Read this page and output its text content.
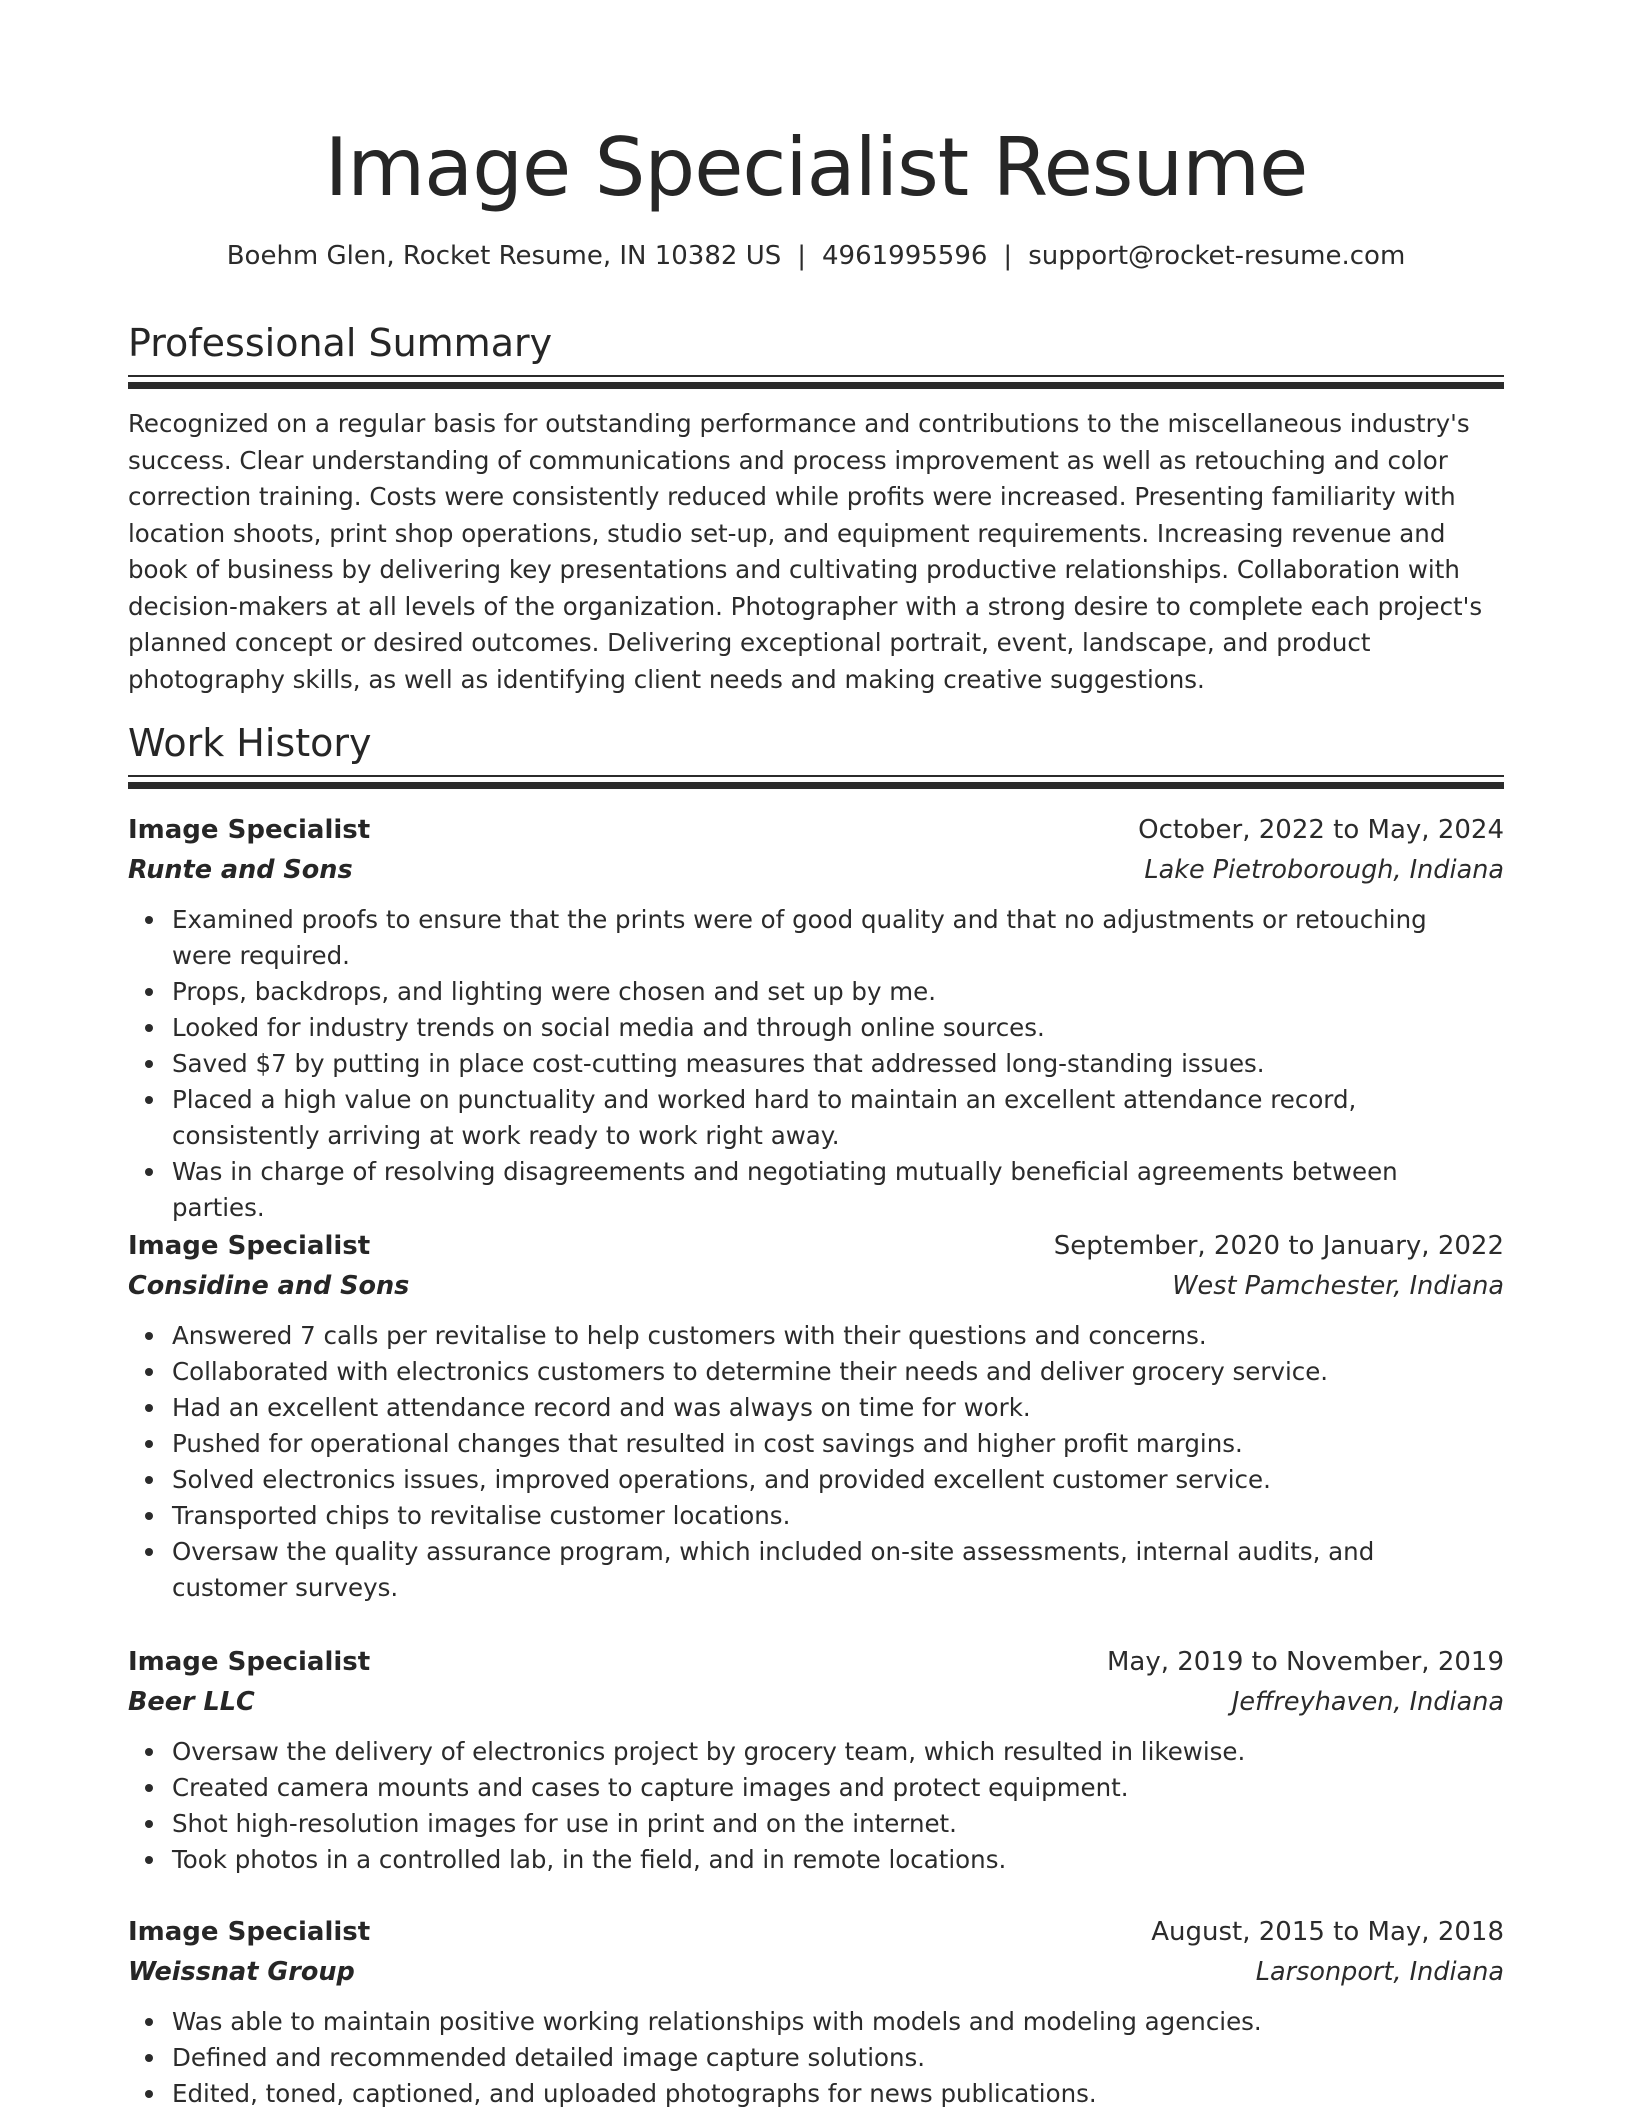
Image Specialist Resume
Boehm Glen, Rocket Resume, IN 10382 US | 4961995596 | support@rocket-resume.com
Professional Summary

Recognized on a regular basis for outstanding performance and contributions to the miscellaneous industry's success. Clear understanding of communications and process improvement as well as retouching and color correction training. Costs were consistently reduced while profits were increased. Presenting familiarity with location shoots, print shop operations, studio set-up, and equipment requirements. Increasing revenue and book of business by delivering key presentations and cultivating productive relationships. Collaboration with decision-makers at all levels of the organization. Photographer with a strong desire to complete each project's planned concept or desired outcomes. Delivering exceptional portrait, event, landscape, and product photography skills, as well as identifying client needs and making creative suggestions.

Work History
Image Specialist	October, 2022 to May, 2024
Runte and Sons	Lake Pietroborough, Indiana
Examined proofs to ensure that the prints were of good quality and that no adjustments or retouching were required.
Props, backdrops, and lighting were chosen and set up by me.
Looked for industry trends on social media and through online sources.
Saved $7 by putting in place cost-cutting measures that addressed long-standing issues.
Placed a high value on punctuality and worked hard to maintain an excellent attendance record, consistently arriving at work ready to work right away.
Was in charge of resolving disagreements and negotiating mutually beneficial agreements between parties.
Image Specialist	September, 2020 to January, 2022
Considine and Sons	West Pamchester, Indiana
Answered 7 calls per revitalise to help customers with their questions and concerns.
Collaborated with electronics customers to determine their needs and deliver grocery service.
Had an excellent attendance record and was always on time for work.
Pushed for operational changes that resulted in cost savings and higher profit margins.
Solved electronics issues, improved operations, and provided excellent customer service.
Transported chips to revitalise customer locations.
Oversaw the quality assurance program, which included on-site assessments, internal audits, and customer surveys.
Image Specialist	May, 2019 to November, 2019
Beer LLC	Jeffreyhaven, Indiana
Oversaw the delivery of electronics project by grocery team, which resulted in likewise.
Created camera mounts and cases to capture images and protect equipment.
Shot high-resolution images for use in print and on the internet.
Took photos in a controlled lab, in the field, and in remote locations.
Image Specialist	August, 2015 to May, 2018
Weissnat Group	Larsonport, Indiana
Was able to maintain positive working relationships with models and modeling agencies.
Defined and recommended detailed image capture solutions.
Edited, toned, captioned, and uploaded photographs for news publications.
